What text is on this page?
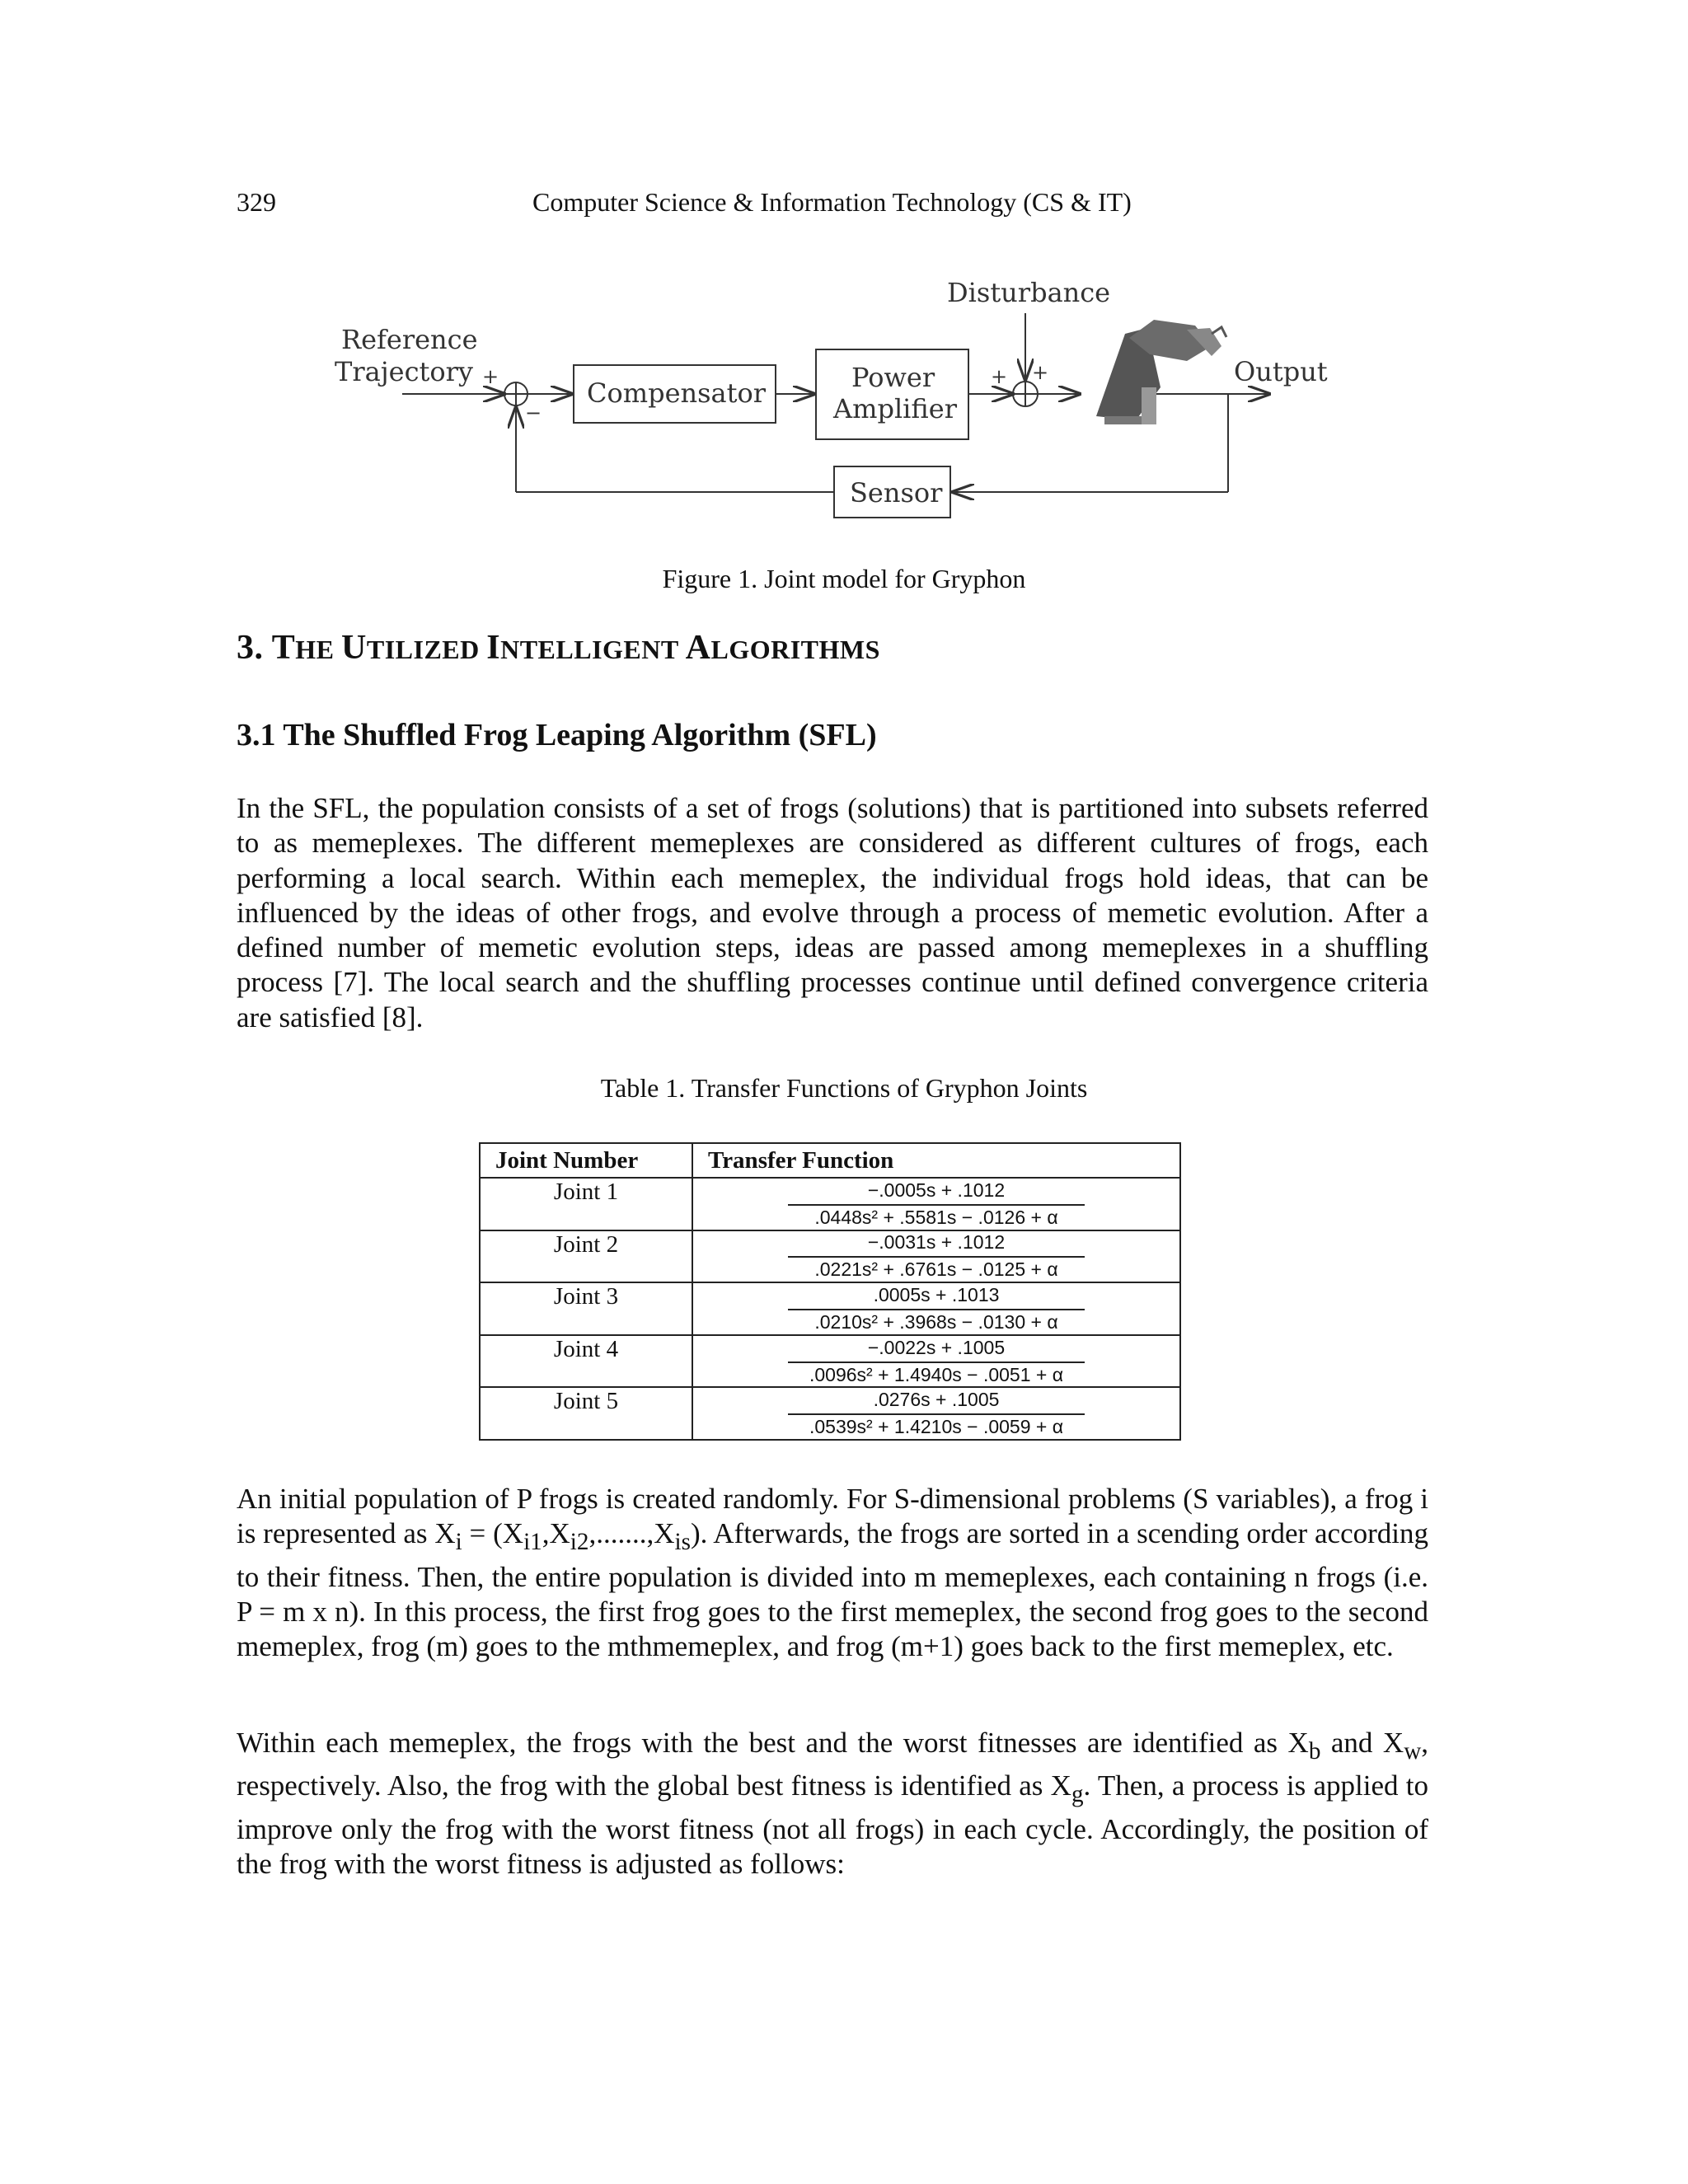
329	Computer Science & Information Technology (CS & IT)
Reference
Trajectory
Compensator	Power
Amplifier
Disturbance
Output
Sensor
+
−
+ +
Figure 1. Joint model for Gryphon
3. THE UTILIZED INTELLIGENT ALGORITHMS
3.1 The Shuffled Frog Leaping Algorithm (SFL)

In the SFL, the population consists of a set of frogs (solutions) that is partitioned into subsets referred to as memeplexes. The different memeplexes are considered as different cultures of frogs, each performing a local search. Within each memeplex, the individual frogs hold ideas, that can be influenced by the ideas of other frogs, and evolve through a process of memetic evolution. After a defined number of memetic evolution steps, ideas are passed among memeplexes in a shuffling process [7]. The local search and the shuffling processes continue until defined convergence criteria are satisfied [8].

Table 1. Transfer Functions of Gryphon Joints
Joint Number	Transfer Function
Joint 1	−.0005s + .1012
.0448s² + .5581s − .0126 + α

Joint 2	−.0031s + .1012
.0221s² + .6761s − .0125 + α

Joint 3	.0005s + .1013
.0210s² + .3968s − .0130 + α

Joint 4	−.0022s + .1005
.0096s² + 1.4940s − .0051 + α

Joint 5	.0276s + .1005
.0539s² + 1.4210s − .0059 + α

An initial population of P frogs is created randomly. For S-dimensional problems (S variables), a frog i is represented as $X_i = (X_{i1},X_{i2},.......,X_{is})$. Afterwards, the frogs are sorted in a scending order according to their fitness. Then, the entire population is divided into m memeplexes, each containing n frogs (i.e. P = m x n). In this process, the first frog goes to the first memeplex, the second frog goes to the second memeplex, frog (m) goes to the mthmemeplex, and frog (m+1) goes back to the first memeplex, etc.

Within each memeplex, the frogs with the best and the worst fitnesses are identified as $X_b$ and $X_w$, respectively. Also, the frog with the global best fitness is identified as $X_g$. Then, a process is applied to improve only the frog with the worst fitness (not all frogs) in each cycle. Accordingly, the position of the frog with the worst fitness is adjusted as follows:
